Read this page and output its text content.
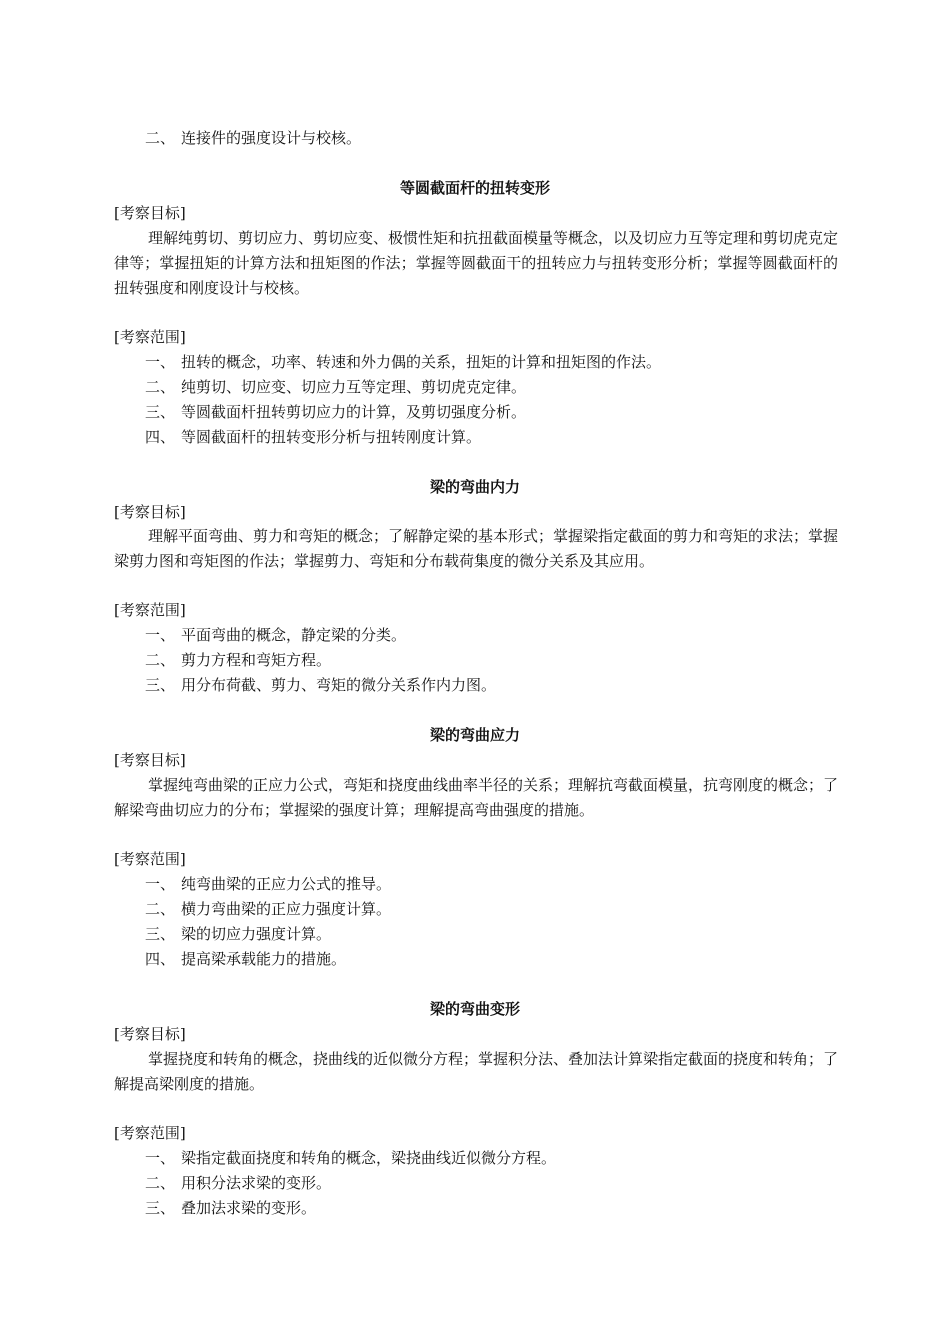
二、 连接件的强度设计与校核。
等圆截面杆的扭转变形
[考察目标]
理解纯剪切、剪切应力、剪切应变、极惯性矩和抗扭截面模量等概念，以及切应力互等定理和剪切虎克定律等；掌握扭矩的计算方法和扭矩图的作法；掌握等圆截面干的扭转应力与扭转变形分析；掌握等圆截面杆的扭转强度和刚度设计与校核。
[考察范围]
一、 扭转的概念，功率、转速和外力偶的关系，扭矩的计算和扭矩图的作法。
二、 纯剪切、切应变、切应力互等定理、剪切虎克定律。
三、 等圆截面杆扭转剪切应力的计算，及剪切强度分析。
四、 等圆截面杆的扭转变形分析与扭转刚度计算。
梁的弯曲内力
[考察目标]
理解平面弯曲、剪力和弯矩的概念；了解静定梁的基本形式；掌握梁指定截面的剪力和弯矩的求法；掌握梁剪力图和弯矩图的作法；掌握剪力、弯矩和分布载荷集度的微分关系及其应用。
[考察范围]
一、 平面弯曲的概念，静定梁的分类。
二、 剪力方程和弯矩方程。
三、 用分布荷截、剪力、弯矩的微分关系作内力图。
梁的弯曲应力
[考察目标]
掌握纯弯曲梁的正应力公式，弯矩和挠度曲线曲率半径的关系；理解抗弯截面模量，抗弯刚度的概念；了解梁弯曲切应力的分布；掌握梁的强度计算；理解提高弯曲强度的措施。
[考察范围]
一、 纯弯曲梁的正应力公式的推导。
二、 横力弯曲梁的正应力强度计算。
三、 梁的切应力强度计算。
四、 提高梁承载能力的措施。
梁的弯曲变形
[考察目标]
掌握挠度和转角的概念，挠曲线的近似微分方程；掌握积分法、叠加法计算梁指定截面的挠度和转角；了解提高梁刚度的措施。
[考察范围]
一、 梁指定截面挠度和转角的概念，梁挠曲线近似微分方程。
二、 用积分法求梁的变形。
三、 叠加法求梁的变形。
